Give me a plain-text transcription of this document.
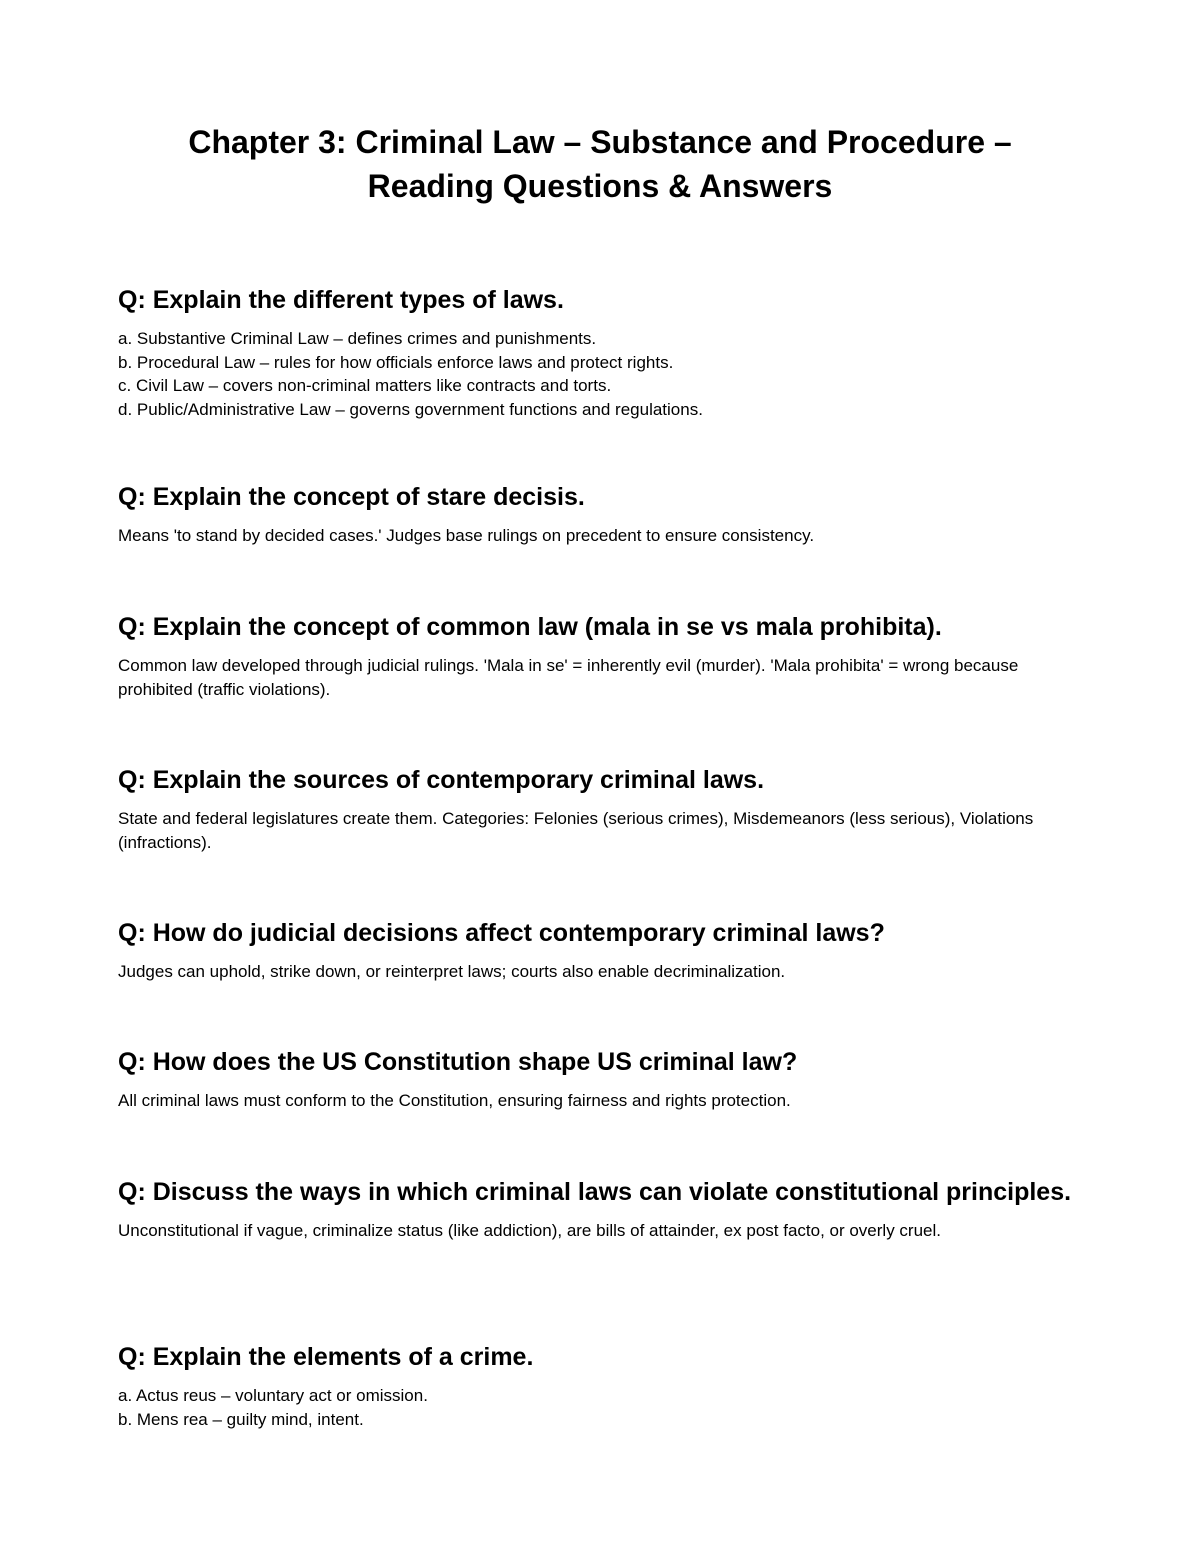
Chapter 3: Criminal Law – Substance and Procedure –
Reading Questions & Answers

Q: Explain the different types of laws.

a. Substantive Criminal Law – defines crimes and punishments.
b. Procedural Law – rules for how officials enforce laws and protect rights.
c. Civil Law – covers non-criminal matters like contracts and torts.
d. Public/Administrative Law – governs government functions and regulations.

Q: Explain the concept of stare decisis.

Means 'to stand by decided cases.' Judges base rulings on precedent to ensure consistency.

Q: Explain the concept of common law (mala in se vs mala prohibita).

Common law developed through judicial rulings. 'Mala in se' = inherently evil (murder). 'Mala prohibita' = wrong because prohibited (traffic violations).

Q: Explain the sources of contemporary criminal laws.

State and federal legislatures create them. Categories: Felonies (serious crimes), Misdemeanors (less serious), Violations (infractions).

Q: How do judicial decisions affect contemporary criminal laws?

Judges can uphold, strike down, or reinterpret laws; courts also enable decriminalization.

Q: How does the US Constitution shape US criminal law?

All criminal laws must conform to the Constitution, ensuring fairness and rights protection.

Q: Discuss the ways in which criminal laws can violate constitutional principles.

Unconstitutional if vague, criminalize status (like addiction), are bills of attainder, ex post facto, or overly cruel.

Q: Explain the elements of a crime.

a. Actus reus – voluntary act or omission.
b. Mens rea – guilty mind, intent.
